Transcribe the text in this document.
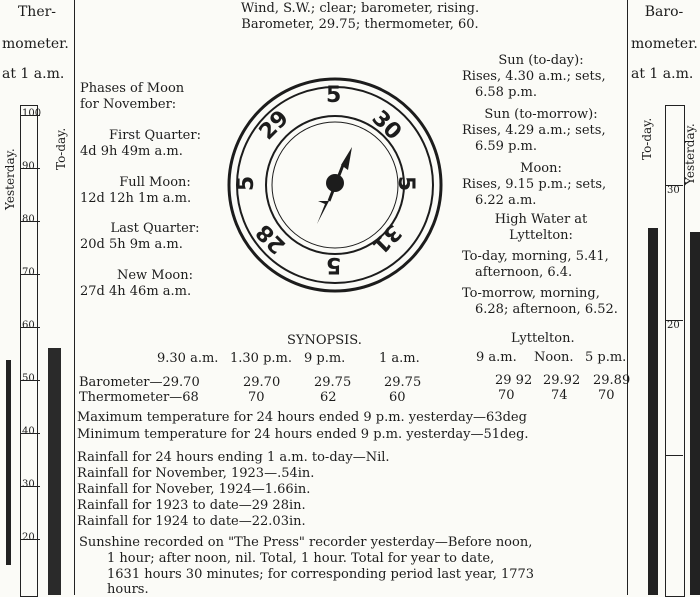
Ther-
mometer.
at 1 a.m.
Yesterday.	To-day.
100
90
80
70
60
50
40
30
20
Baro-
mometer.
at 1 a.m.
To-day. Yesterday.
30
20
Wind, S.W.; clear; barometer, rising.
Barometer, 29.75; thermometer, 60.
Phases of Moon
for November:
First Quarter:
4d 9h 49m a.m.
Full Moon:
12d 12h 1m a.m.
Last Quarter:
20d 5h 9m a.m.
New Moon:
27d 4h 46m a.m.
5
30
5
31
5
28
5
29
Sun (to-day):
Rises, 4.30 a.m.; sets,
6.58 p.m.
Sun (to-morrow):
Rises, 4.29 a.m.; sets,
6.59 p.m.
Moon:
Rises, 9.15 p.m.; sets,
6.22 a.m.
High Water at
Lyttelton:
To-day, morning, 5.41,
afternoon, 6.4.
To-morrow, morning,
6.28; afternoon, 6.52.
SYNOPSIS.	Lyttelton.
9.30 a.m. 1.30 p.m. 9 p.m.	1 a.m.	9 a.m. Noon. 5 p.m.
Barometer—29.70	29.70	29.75	29.75	29 92 29.92 29.89
Thermometer—68	70	62	60	70	74 70
Maximum temperature for 24 hours ended 9 p.m. yesterday—63deg
Minimum temperature for 24 hours ended 9 p.m. yesterday—51deg.
Rainfall for 24 hours ending 1 a.m. to-day—Nil.
Rainfall for November, 1923—.54in.
Rainfall for Noveber, 1924—1.66in.
Rainfall for 1923 to date—29 28in.
Rainfall for 1924 to date—22.03in.
Sunshine recorded on "The Press" recorder yesterday—Before noon,
1 hour; after noon, nil. Total, 1 hour. Total for year to date,
1631 hours 30 minutes; for corresponding period last year, 1773
hours.
